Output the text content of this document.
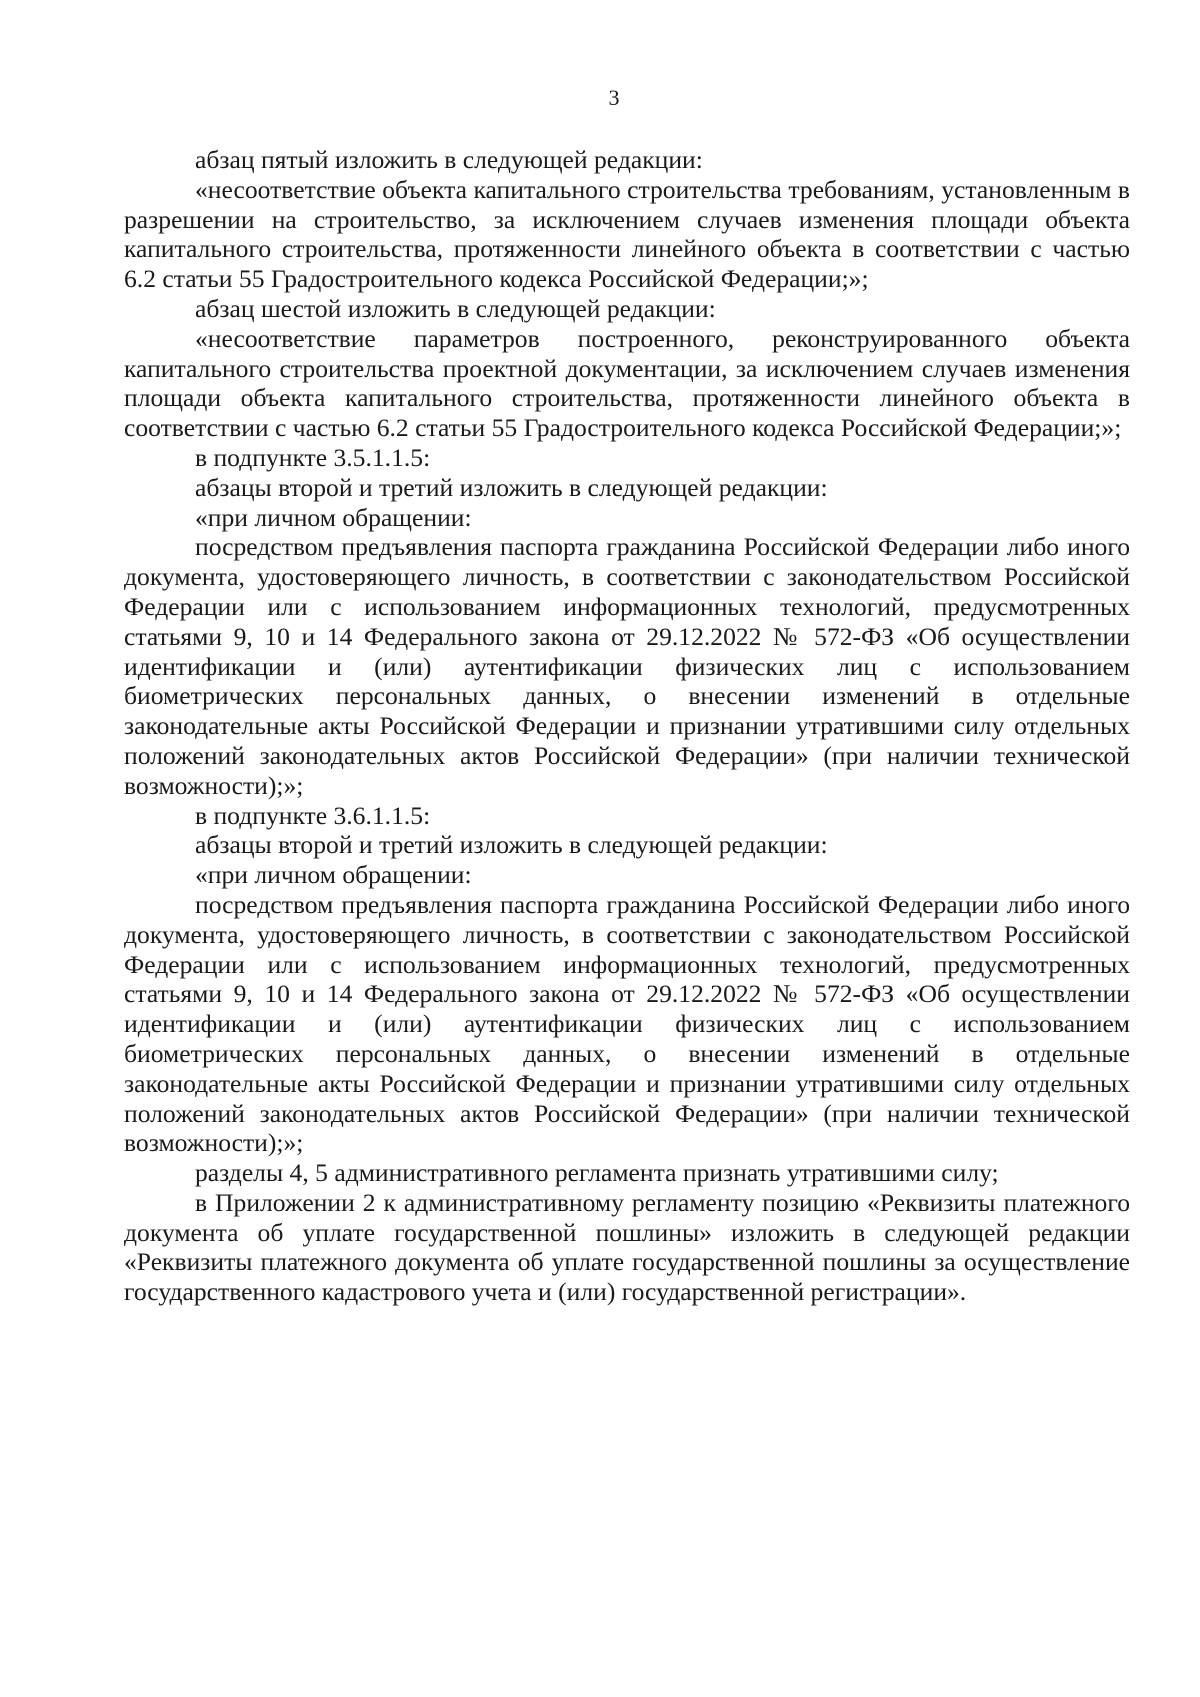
3

абзац пятый изложить в следующей редакции:

«несоответствие объекта капитального строительства требованиям, установленным в разрешении на строительство, за исключением случаев изменения площади объекта капитального строительства, протяженности линейного объекта в соответствии с частью 6.2 статьи 55 Градостроительного кодекса Российской Федерации;»;

абзац шестой изложить в следующей редакции:

«несоответствие параметров построенного, реконструированного объекта капитального строительства проектной документации, за исключением случаев изменения площади объекта капитального строительства, протяженности линейного объекта в соответствии с частью 6.2 статьи 55 Градостроительного кодекса Российской Федерации;»;

в подпункте 3.5.1.1.5:

абзацы второй и третий изложить в следующей редакции:

«при личном обращении:

посредством предъявления паспорта гражданина Российской Федерации либо иного документа, удостоверяющего личность, в соответствии с законодательством Российской Федерации или с использованием информационных технологий, предусмотренных статьями 9, 10 и 14 Федерального закона от 29.12.2022 № 572-ФЗ «Об осуществлении идентификации и (или) аутентификации физических лиц с использованием биометрических персональных данных, о внесении изменений в отдельные законодательные акты Российской Федерации и признании утратившими силу отдельных положений законодательных актов Российской Федерации» (при наличии технической возможности);»;

в подпункте 3.6.1.1.5:

абзацы второй и третий изложить в следующей редакции:

«при личном обращении:

посредством предъявления паспорта гражданина Российской Федерации либо иного документа, удостоверяющего личность, в соответствии с законодательством Российской Федерации или с использованием информационных технологий, предусмотренных статьями 9, 10 и 14 Федерального закона от 29.12.2022 № 572-ФЗ «Об осуществлении идентификации и (или) аутентификации физических лиц с использованием биометрических персональных данных, о внесении изменений в отдельные законодательные акты Российской Федерации и признании утратившими силу отдельных положений законодательных актов Российской Федерации» (при наличии технической возможности);»;

разделы 4, 5 административного регламента признать утратившими силу;

в Приложении 2 к административному регламенту позицию «Реквизиты платежного документа об уплате государственной пошлины» изложить в следующей редакции «Реквизиты платежного документа об уплате государственной пошлины за осуществление государственного кадастрового учета и (или) государственной регистрации».
